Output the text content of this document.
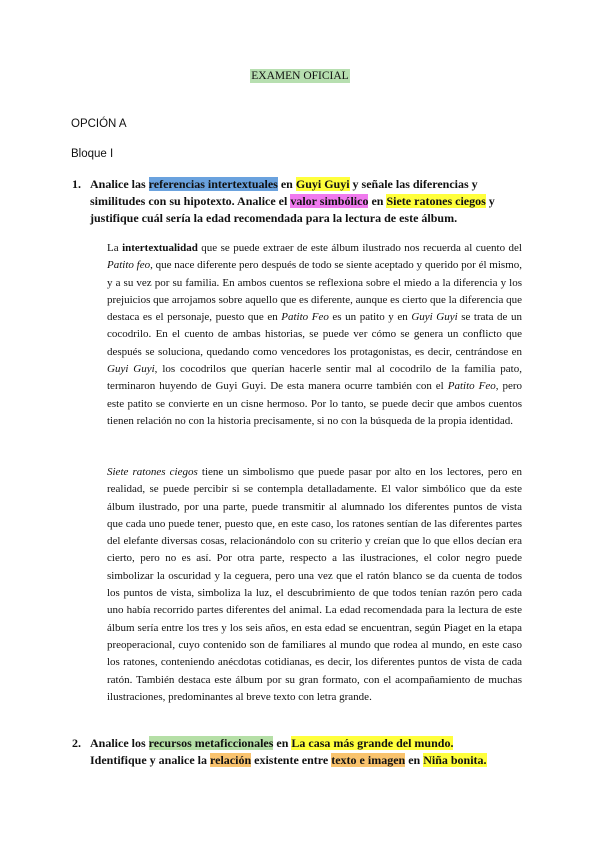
EXAMEN OFICIAL
OPCIÓN A
Bloque I
1. Analice las referencias intertextuales en Guyi Guyi y señale las diferencias y similitudes con su hipotexto. Analice el valor simbólico en Siete ratones ciegos y justifique cuál sería la edad recomendada para la lectura de este álbum.
La intertextualidad que se puede extraer de este álbum ilustrado nos recuerda al cuento del Patito feo, que nace diferente pero después de todo se siente aceptado y querido por él mismo, y a su vez por su familia. En ambos cuentos se reflexiona sobre el miedo a la diferencia y los prejuicios que arrojamos sobre aquello que es diferente, aunque es cierto que la diferencia que destaca es el personaje, puesto que en Patito Feo es un patito y en Guyi Guyi se trata de un cocodrilo. En el cuento de ambas historias, se puede ver cómo se genera un conflicto que después se soluciona, quedando como vencedores los protagonistas, es decir, centrándose en Guyi Guyi, los cocodrilos que querían hacerle sentir mal al cocodrilo de la familia pato, terminaron huyendo de Guyi Guyi. De esta manera ocurre también con el Patito Feo, pero este patito se convierte en un cisne hermoso. Por lo tanto, se puede decir que ambos cuentos tienen relación no con la historia precisamente, si no con la búsqueda de la propia identidad.
Siete ratones ciegos tiene un simbolismo que puede pasar por alto en los lectores, pero en realidad, se puede percibir si se contempla detalladamente. El valor simbólico que da este álbum ilustrado, por una parte, puede transmitir al alumnado los diferentes puntos de vista que cada uno puede tener, puesto que, en este caso, los ratones sentían de las diferentes partes del elefante diversas cosas, relacionándolo con su criterio y creían que lo que ellos decían era cierto, pero no es así. Por otra parte, respecto a las ilustraciones, el color negro puede simbolizar la oscuridad y la ceguera, pero una vez que el ratón blanco se da cuenta de todos los puntos de vista, simboliza la luz, el descubrimiento de que todos tenían razón pero cada uno había recorrido partes diferentes del animal. La edad recomendada para la lectura de este álbum sería entre los tres y los seis años, en esta edad se encuentran, según Piaget en la etapa preoperacional, cuyo contenido son de familiares al mundo que rodea al mundo, en este caso los ratones, conteniendo anécdotas cotidianas, es decir, los diferentes puntos de vista de cada ratón. También destaca este álbum por su gran formato, con el acompañamiento de muchas ilustraciones, predominantes al breve texto con letra grande.
2. Analice los recursos metaficcionales en La casa más grande del mundo. Identifique y analice la relación existente entre texto e imagen en Niña bonita.
